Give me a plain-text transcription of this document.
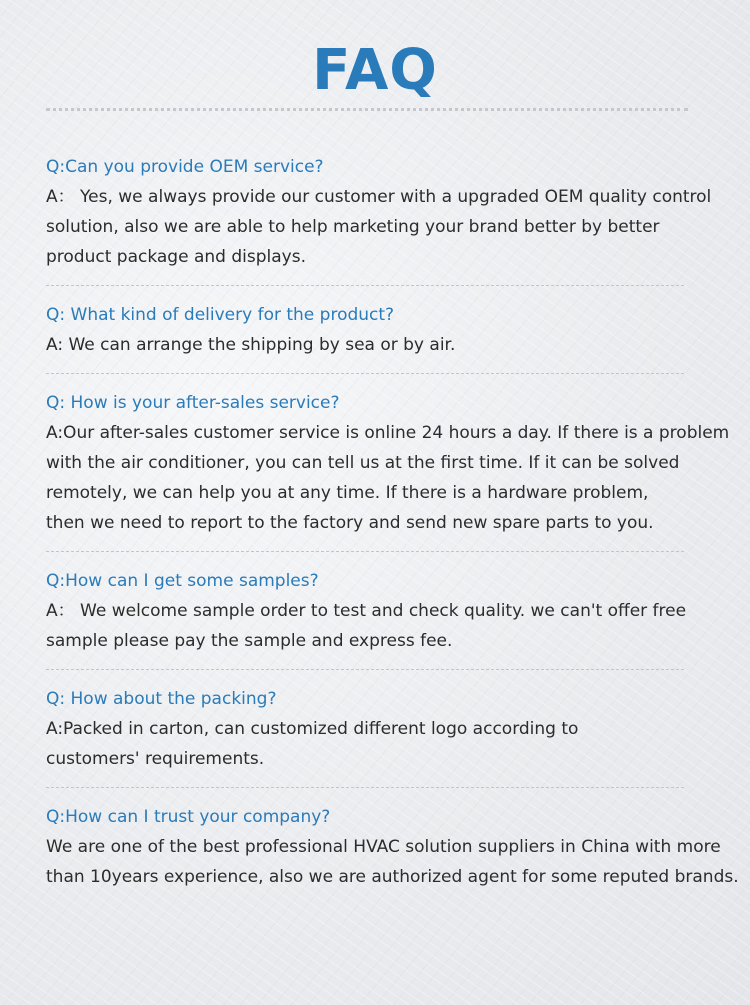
FAQ
Q:Can you provide OEM service?
A： Yes, we always provide our customer with a upgraded OEM quality control
solution, also we are able to help marketing your brand better by better
product package and displays.
Q: What kind of delivery for the product?
A: We can arrange the shipping by sea or by air.
Q: How is your after-sales service?
A:Our after-sales customer service is online 24 hours a day. If there is a problem
with the air conditioner, you can tell us at the first time. If it can be solved
remotely, we can help you at any time. If there is a hardware problem,
then we need to report to the factory and send new spare parts to you.
Q:How can I get some samples?
A： We welcome sample order to test and check quality. we can't offer free
sample please pay the sample and express fee.
Q: How about the packing?
A:Packed in carton, can customized different logo according to
customers' requirements.
Q:How can I trust your company?
We are one of the best professional HVAC solution suppliers in China with more
than 10years experience, also we are authorized agent for some reputed brands.
